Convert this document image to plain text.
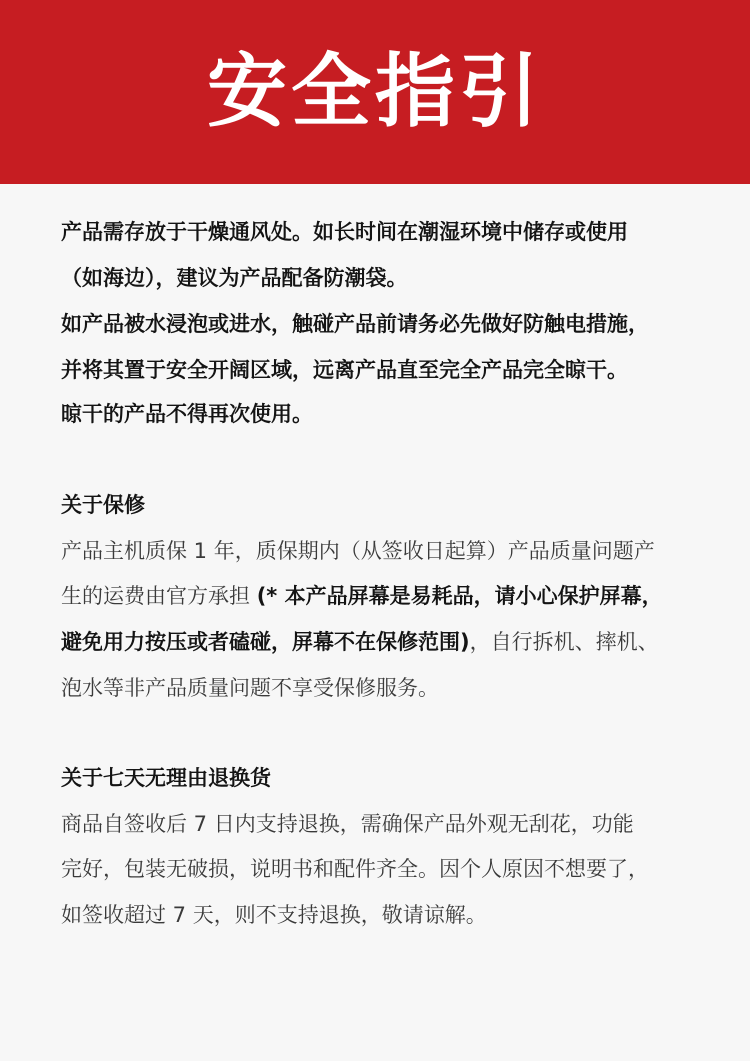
安全指引
产品需存放于干燥通风处。如长时间在潮湿环境中储存或使用
（如海边），建议为产品配备防潮袋。
如产品被水浸泡或进水，触碰产品前请务必先做好防触电措施，
并将其置于安全开阔区域，远离产品直至完全产品完全晾干。
晾干的产品不得再次使用。
关于保修
产品主机质保 1 年，质保期内（从签收日起算）产品质量问题产
生的运费由官方承担 (* 本产品屏幕是易耗品，请小心保护屏幕，
避免用力按压或者磕碰，屏幕不在保修范围)，自行拆机、摔机、
泡水等非产品质量问题不享受保修服务。
关于七天无理由退换货
商品自签收后 7 日内支持退换，需确保产品外观无刮花，功能
完好，包装无破损，说明书和配件齐全。因个人原因不想要了，
如签收超过 7 天，则不支持退换，敬请谅解。
